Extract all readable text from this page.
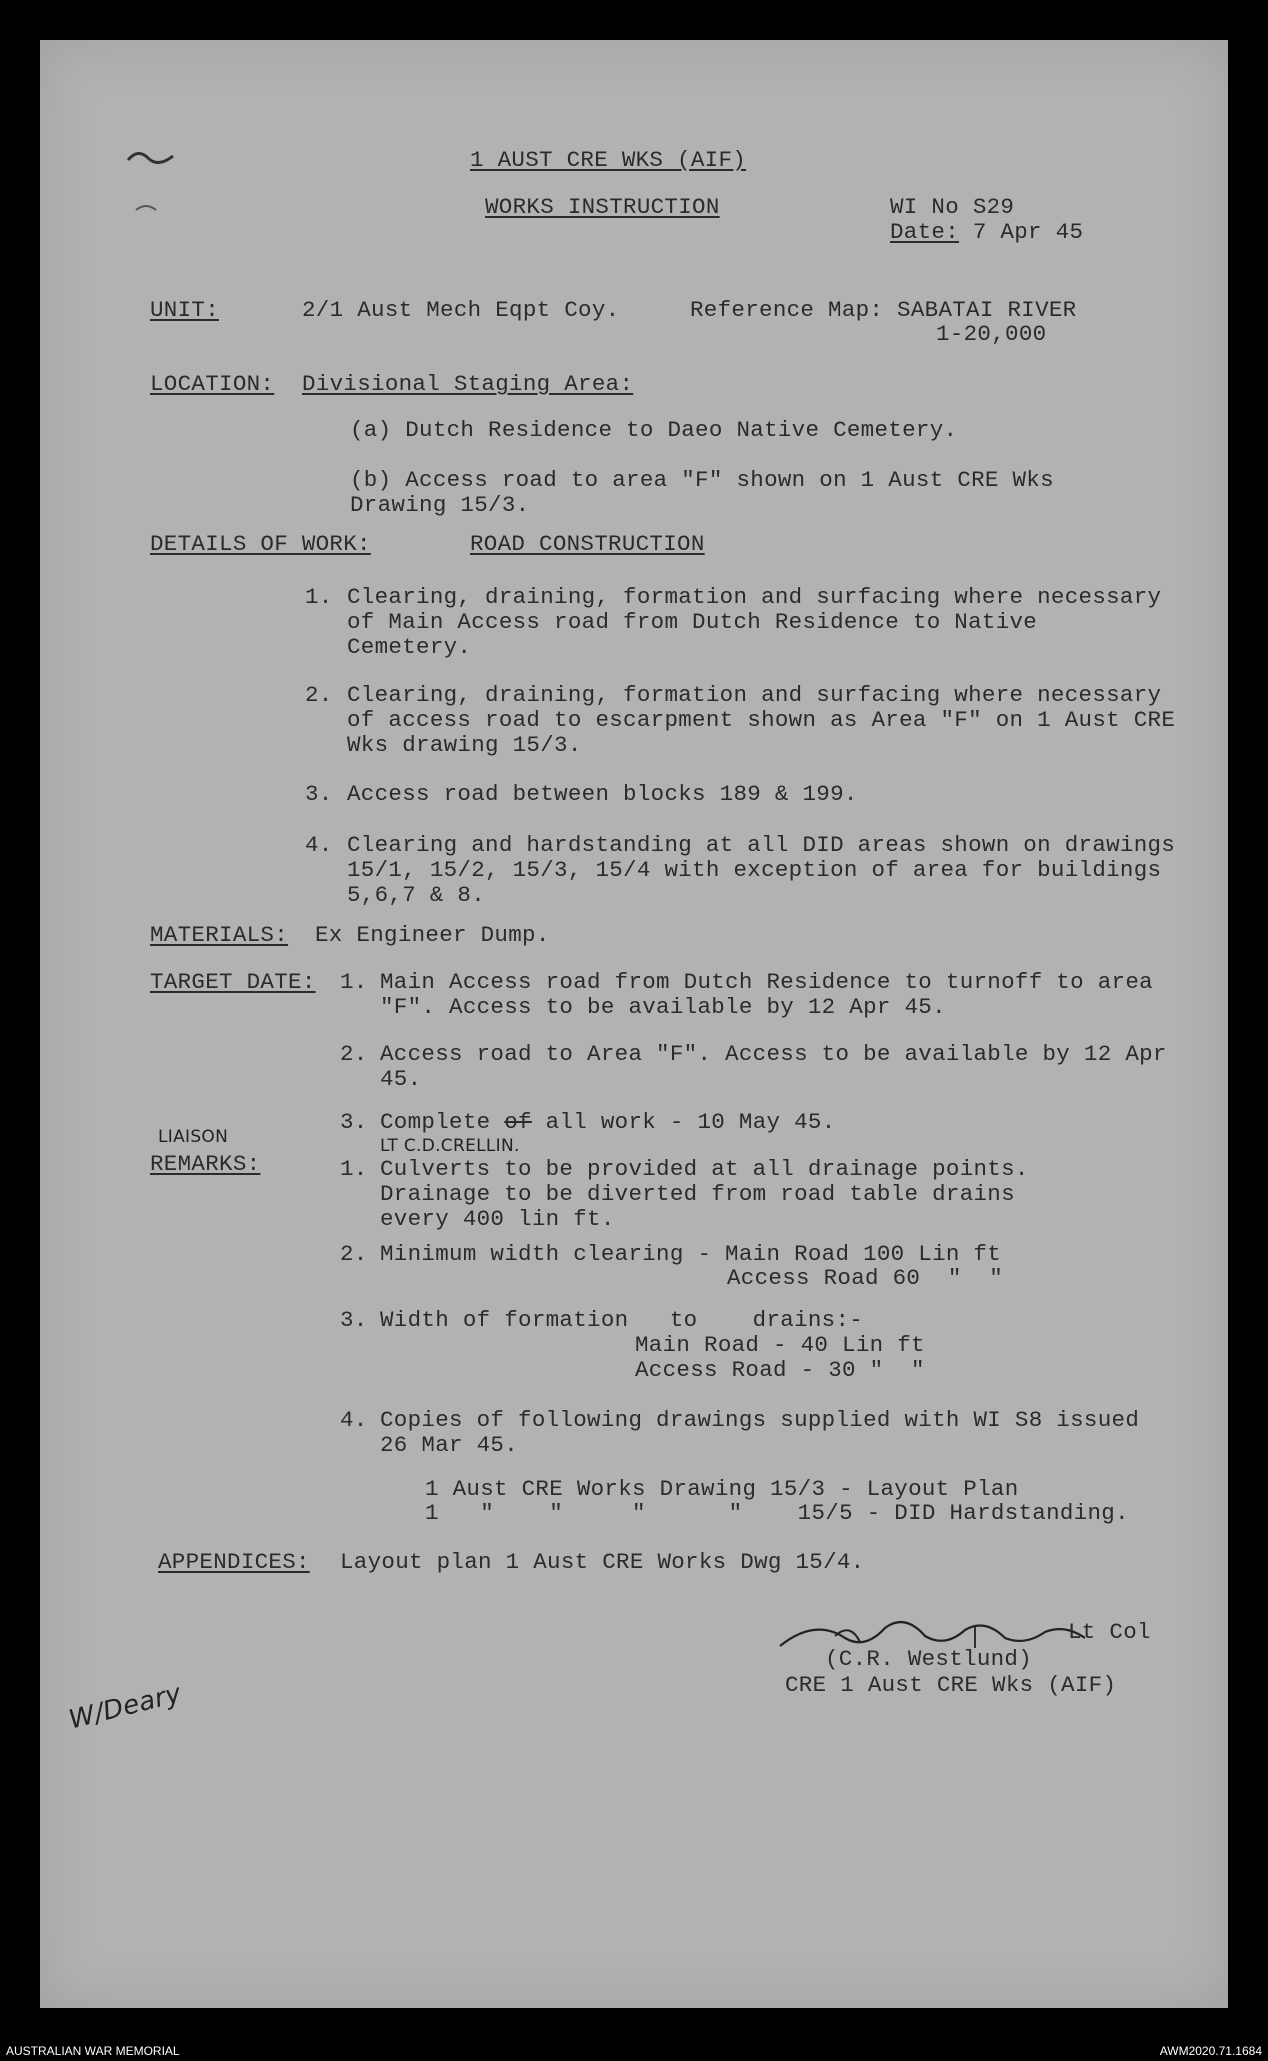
1 AUST CRE WKS (AIF)
WORKS INSTRUCTION	WI No S29
Date: 7 Apr 45
UNIT:	2/1 Aust Mech Eqpt Coy.	Reference Map: SABATAI RIVER
1-20,000
LOCATION: Divisional Staging Area:
(a) Dutch Residence to Daeo Native Cemetery.
(b) Access road to area "F" shown on 1 Aust CRE Wks Drawing 15/3.
DETAILS OF WORK:	ROAD CONSTRUCTION
1. Clearing, draining, formation and surfacing where necessary of Main Access road from Dutch Residence to Native Cemetery.
2. Clearing, draining, formation and surfacing where necessary of access road to escarpment shown as Area "F" on 1 Aust CRE Wks drawing 15/3.
3. Access road between blocks 189 & 199.
4. Clearing and hardstanding at all DID areas shown on drawings 15/1, 15/2, 15/3, 15/4 with exception of area for buildings 5,6,7 & 8.
MATERIALS: Ex Engineer Dump.
TARGET DATE: 1. Main Access road from Dutch Residence to turnoff to area "F". Access to be available by 12 Apr 45.
2. Access road to Area "F". Access to be available by 12 Apr 45.
3. Complete of all work - 10 May 45.
LIAISON	LT C.D.CRELLIN.
REMARKS:	1. Culverts to be provided at all drainage points. Drainage to be diverted from road table drains every 400 lin ft.
2. Minimum width clearing - Main Road 100 Lin ft
Access Road 60  "  "
3. Width of formation   to    drains:-
Main Road - 40 Lin ft
Access Road - 30 "  "
4. Copies of following drawings supplied with WI S8 issued 26 Mar 45.
1 Aust CRE Works Drawing 15/3 - Layout Plan
1   "    "     "      "    15/5 - DID Hardstanding.
APPENDICES: Layout plan 1 Aust CRE Works Dwg 15/4.
Lt Col
(C.R. Westlund)
CRE 1 Aust CRE Wks (AIF)
W/Deary
AUSTRALIAN WAR MEMORIAL	AWM2020.71.1684
